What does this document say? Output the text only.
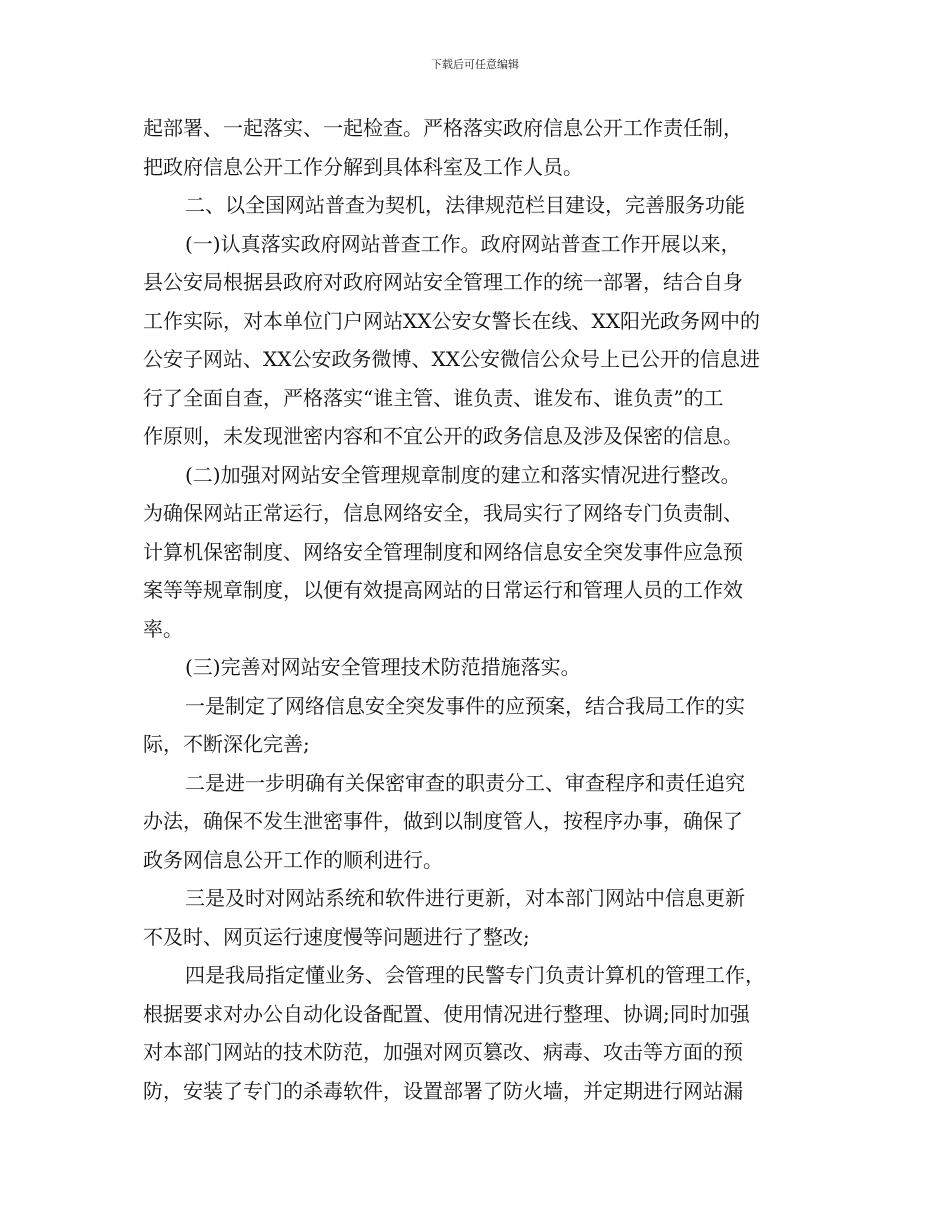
下载后可任意编辑
起部署、一起落实、一起检查。严格落实政府信息公开工作责任制，
把政府信息公开工作分解到具体科室及工作人员。
二、以全国网站普查为契机，法律规范栏目建设，完善服务功能
(一)认真落实政府网站普查工作。政府网站普查工作开展以来，
县公安局根据县政府对政府网站安全管理工作的统一部署，结合自身
工作实际，对本单位门户网站XX公安女警长在线、XX阳光政务网中的
公安子网站、XX公安政务微博、XX公安微信公众号上已公开的信息进
行了全面自查，严格落实“谁主管、谁负责、谁发布、谁负责”的工
作原则，未发现泄密内容和不宜公开的政务信息及涉及保密的信息。
(二)加强对网站安全管理规章制度的建立和落实情况进行整改。
为确保网站正常运行，信息网络安全，我局实行了网络专门负责制、
计算机保密制度、网络安全管理制度和网络信息安全突发事件应急预
案等等规章制度，以便有效提高网站的日常运行和管理人员的工作效
率。
(三)完善对网站安全管理技术防范措施落实。
一是制定了网络信息安全突发事件的应预案，结合我局工作的实
际，不断深化完善;
二是进一步明确有关保密审查的职责分工、审查程序和责任追究
办法，确保不发生泄密事件，做到以制度管人，按程序办事，确保了
政务网信息公开工作的顺利进行。
三是及时对网站系统和软件进行更新，对本部门网站中信息更新
不及时、网页运行速度慢等问题进行了整改;
四是我局指定懂业务、会管理的民警专门负责计算机的管理工作，
根据要求对办公自动化设备配置、使用情况进行整理、协调;同时加强
对本部门网站的技术防范，加强对网页篡改、病毒、攻击等方面的预
防，安装了专门的杀毒软件，设置部署了防火墙，并定期进行网站漏
